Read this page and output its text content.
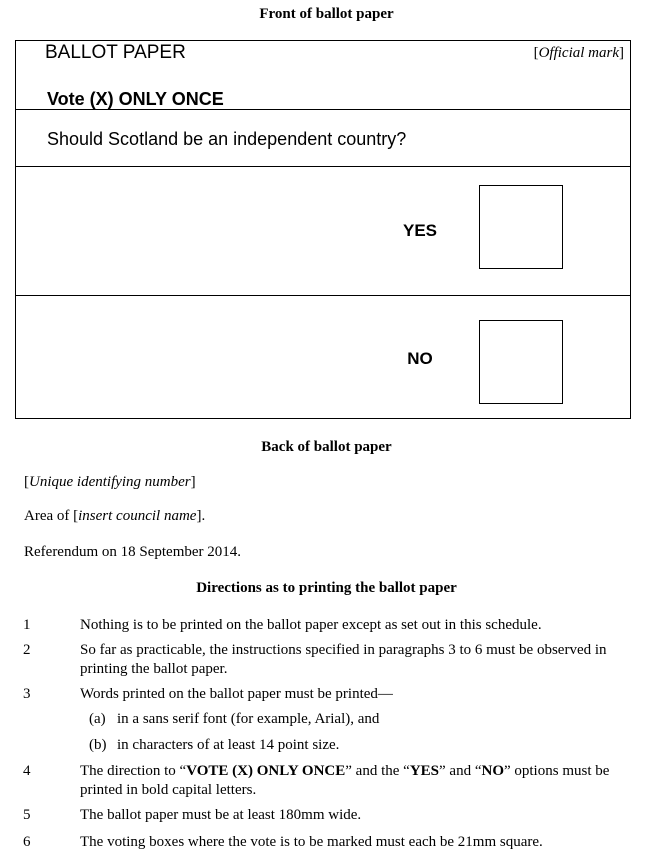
Front of ballot paper
BALLOT PAPER	[Official mark]
Vote (X) ONLY ONCE
Should Scotland be an independent country?
YES
NO
Back of ballot paper
[Unique identifying number]
Area of [insert council name].
Referendum on 18 September 2014.
Directions as to printing the ballot paper
1	Nothing is to be printed on the ballot paper except as set out in this schedule.
2	So far as practicable, the instructions specified in paragraphs 3 to 6 must be observed in printing the ballot paper.
3	Words printed on the ballot paper must be printed—
(a) in a sans serif font (for example, Arial), and
(b) in characters of at least 14 point size.
4	The direction to “VOTE (X) ONLY ONCE” and the “YES” and “NO” options must be printed in bold capital letters.
5	The ballot paper must be at least 180mm wide.
6	The voting boxes where the vote is to be marked must each be 21mm square.
